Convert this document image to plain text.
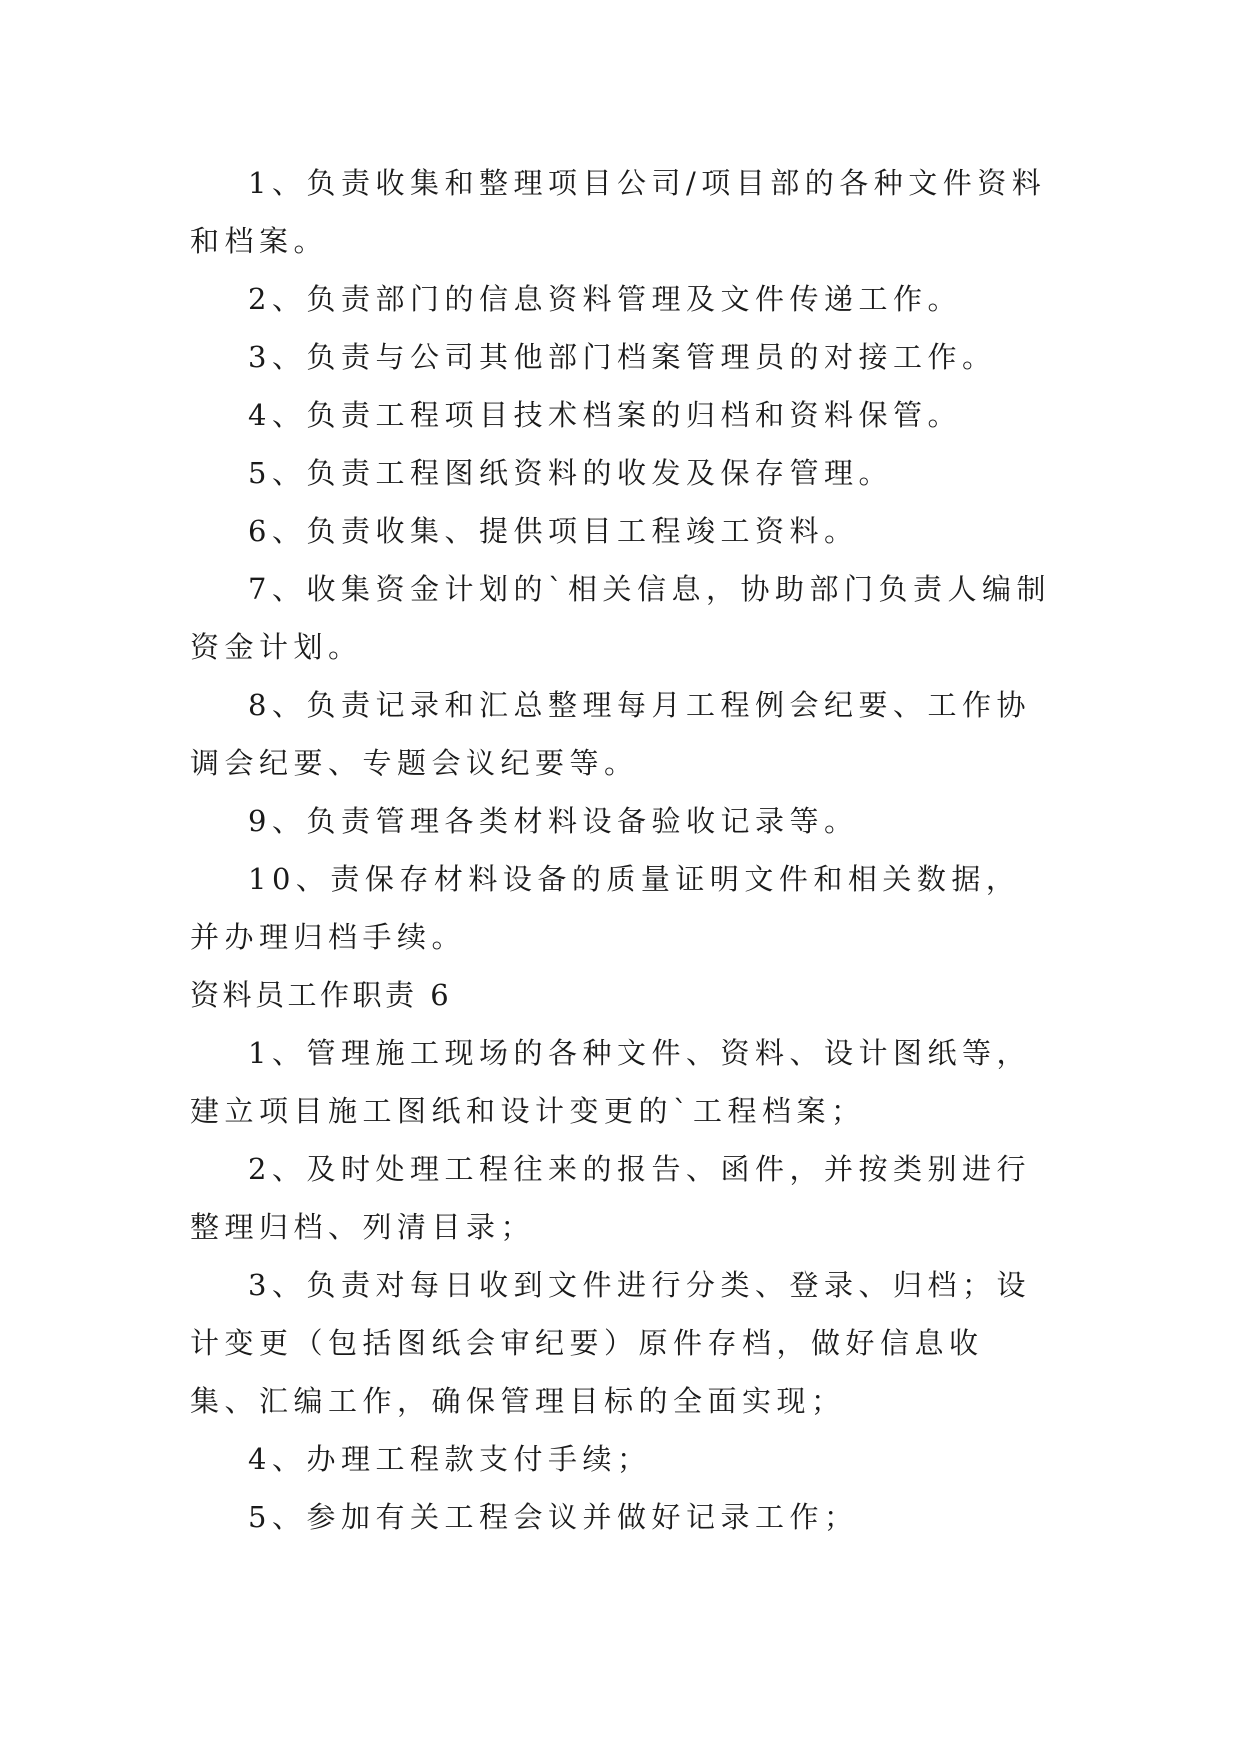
1、负责收集和整理项目公司/项目部的各种文件资料和档案。

2、负责部门的信息资料管理及文件传递工作。

3、负责与公司其他部门档案管理员的对接工作。

4、负责工程项目技术档案的归档和资料保管。

5、负责工程图纸资料的收发及保存管理。

6、负责收集、提供项目工程竣工资料。

7、收集资金计划的`相关信息，协助部门负责人编制资金计划。

8、负责记录和汇总整理每月工程例会纪要、工作协调会纪要、专题会议纪要等。

9、负责管理各类材料设备验收记录等。

10、责保存材料设备的质量证明文件和相关数据，并办理归档手续。

资料员工作职责 6

1、管理施工现场的各种文件、资料、设计图纸等，建立项目施工图纸和设计变更的`工程档案；

2、及时处理工程往来的报告、函件，并按类别进行整理归档、列清目录；

3、负责对每日收到文件进行分类、登录、归档；设计变更（包括图纸会审纪要）原件存档，做好信息收集、汇编工作，确保管理目标的全面实现；

4、办理工程款支付手续；

5、参加有关工程会议并做好记录工作；
